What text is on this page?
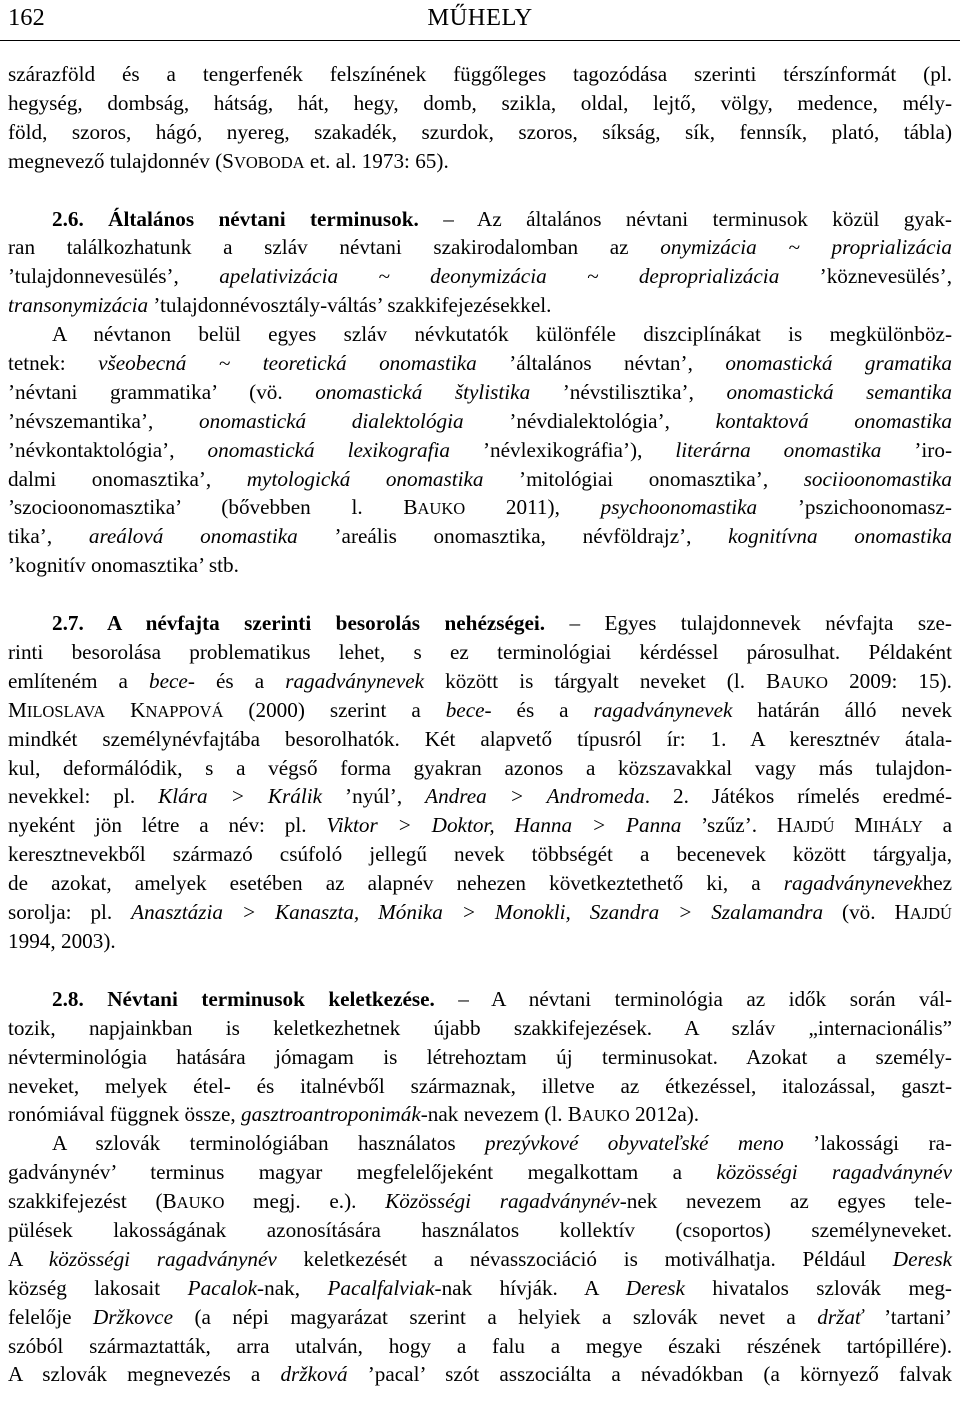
162	MŰHELY
szárazföld és a tengerfenék felszínének függőleges tagozódása szerinti térszínformát (pl.
hegység, dombság, hátság, hát, hegy, domb, szikla, oldal, lejtő, völgy, medence, mély-
föld, szoros, hágó, nyereg, szakadék, szurdok, szoros, síkság, sík, fennsík, plató, tábla)
megnevező tulajdonnév (SVOBODA et. al. 1973: 65).
2.6. Általános névtani terminusok. – Az általános névtani terminusok közül gyak-
ran találkozhatunk a szláv névtani szakirodalomban az onymizácia ~ proprializácia
’tulajdonnevesülés’, apelativizácia ~ deonymizácia ~ deproprializácia ’köznevesülés’,
transonymizácia ’tulajdonnévosztály-váltás’ szakkifejezésekkel.
A névtanon belül egyes szláv névkutatók különféle diszciplínákat is megkülönböz-
tetnek: všeobecná ~ teoretická onomastika ’általános névtan’, onomastická gramatika
’névtani grammatika’ (vö. onomastická štylistika ’névstilisztika’, onomastická semantika
’névszemantika’, onomastická dialektológia ’névdialektológia’, kontaktová onomastika
’névkontaktológia’, onomastická lexikografia ’névlexikográfia’), literárna onomastika ’iro-
dalmi onomasztika’, mytologická onomastika ’mitológiai onomasztika’, sociioonomastika
’szocioonomasztika’ (bővebben l. BAUKO 2011), psychoonomastika ’pszichoonomasz-
tika’, areálová onomastika ’areális onomasztika, névföldrajz’, kognitívna onomastika
’kognitív onomasztika’ stb.
2.7. A névfajta szerinti besorolás nehézségei. – Egyes tulajdonnevek névfajta sze-
rinti besorolása problematikus lehet, s ez terminológiai kérdéssel párosulhat. Példaként
említeném a bece- és a ragadványnevek között is tárgyalt neveket (l. BAUKO 2009: 15).
MILOSLAVA KNAPPOVÁ (2000) szerint a bece- és a ragadványnevek határán álló nevek
mindkét személynévfajtába besorolhatók. Két alapvető típusról ír: 1. A keresztnév átala-
kul, deformálódik, s a végső forma gyakran azonos a közszavakkal vagy más tulajdon-
nevekkel: pl. Klára > Králik ’nyúl’, Andrea > Andromeda. 2. Játékos rímelés eredmé-
nyeként jön létre a név: pl. Viktor > Doktor, Hanna > Panna ’szűz’. HAJDÚ MIHÁLY a
keresztnevekből származó csúfoló jellegű nevek többségét a becenevek között tárgyalja,
de azokat, amelyek esetében az alapnév nehezen következtethető ki, a ragadványnevekhez
sorolja: pl. Anasztázia > Kanaszta, Mónika > Monokli, Szandra > Szalamandra (vö. HAJDÚ
1994, 2003).
2.8. Névtani terminusok keletkezése. – A névtani terminológia az idők során vál-
tozik, napjainkban is keletkezhetnek újabb szakkifejezések. A szláv „internacionális”
névterminológia hatására jómagam is létrehoztam új terminusokat. Azokat a személy-
neveket, melyek étel- és italnévből származnak, illetve az étkezéssel, italozással, gaszt-
ronómiával függnek össze, gasztroantroponimák-nak nevezem (l. BAUKO 2012a).
A szlovák terminológiában használatos prezývkové obyvateľské meno ’lakossági ra-
gadványnév’ terminus magyar megfelelőjeként megalkottam a közösségi ragadványnév
szakkifejezést (BAUKO megj. e.). Közösségi ragadványnév-nek nevezem az egyes tele-
pülések lakosságának azonosítására használatos kollektív (csoportos) személyneveket.
A közösségi ragadványnév keletkezését a névasszociáció is motiválhatja. Például Deresk
község lakosait Pacalok-nak, Pacalfalviak-nak hívják. A Deresk hivatalos szlovák meg-
felelője Držkovce (a népi magyarázat szerint a helyiek a szlovák nevet a držať ’tartani’
szóból származtatták, arra utalván, hogy a falu a megye északi részének tartópillére).
A szlovák megnevezés a držková ’pacal’ szót asszociálta a névadókban (a környező falvak
